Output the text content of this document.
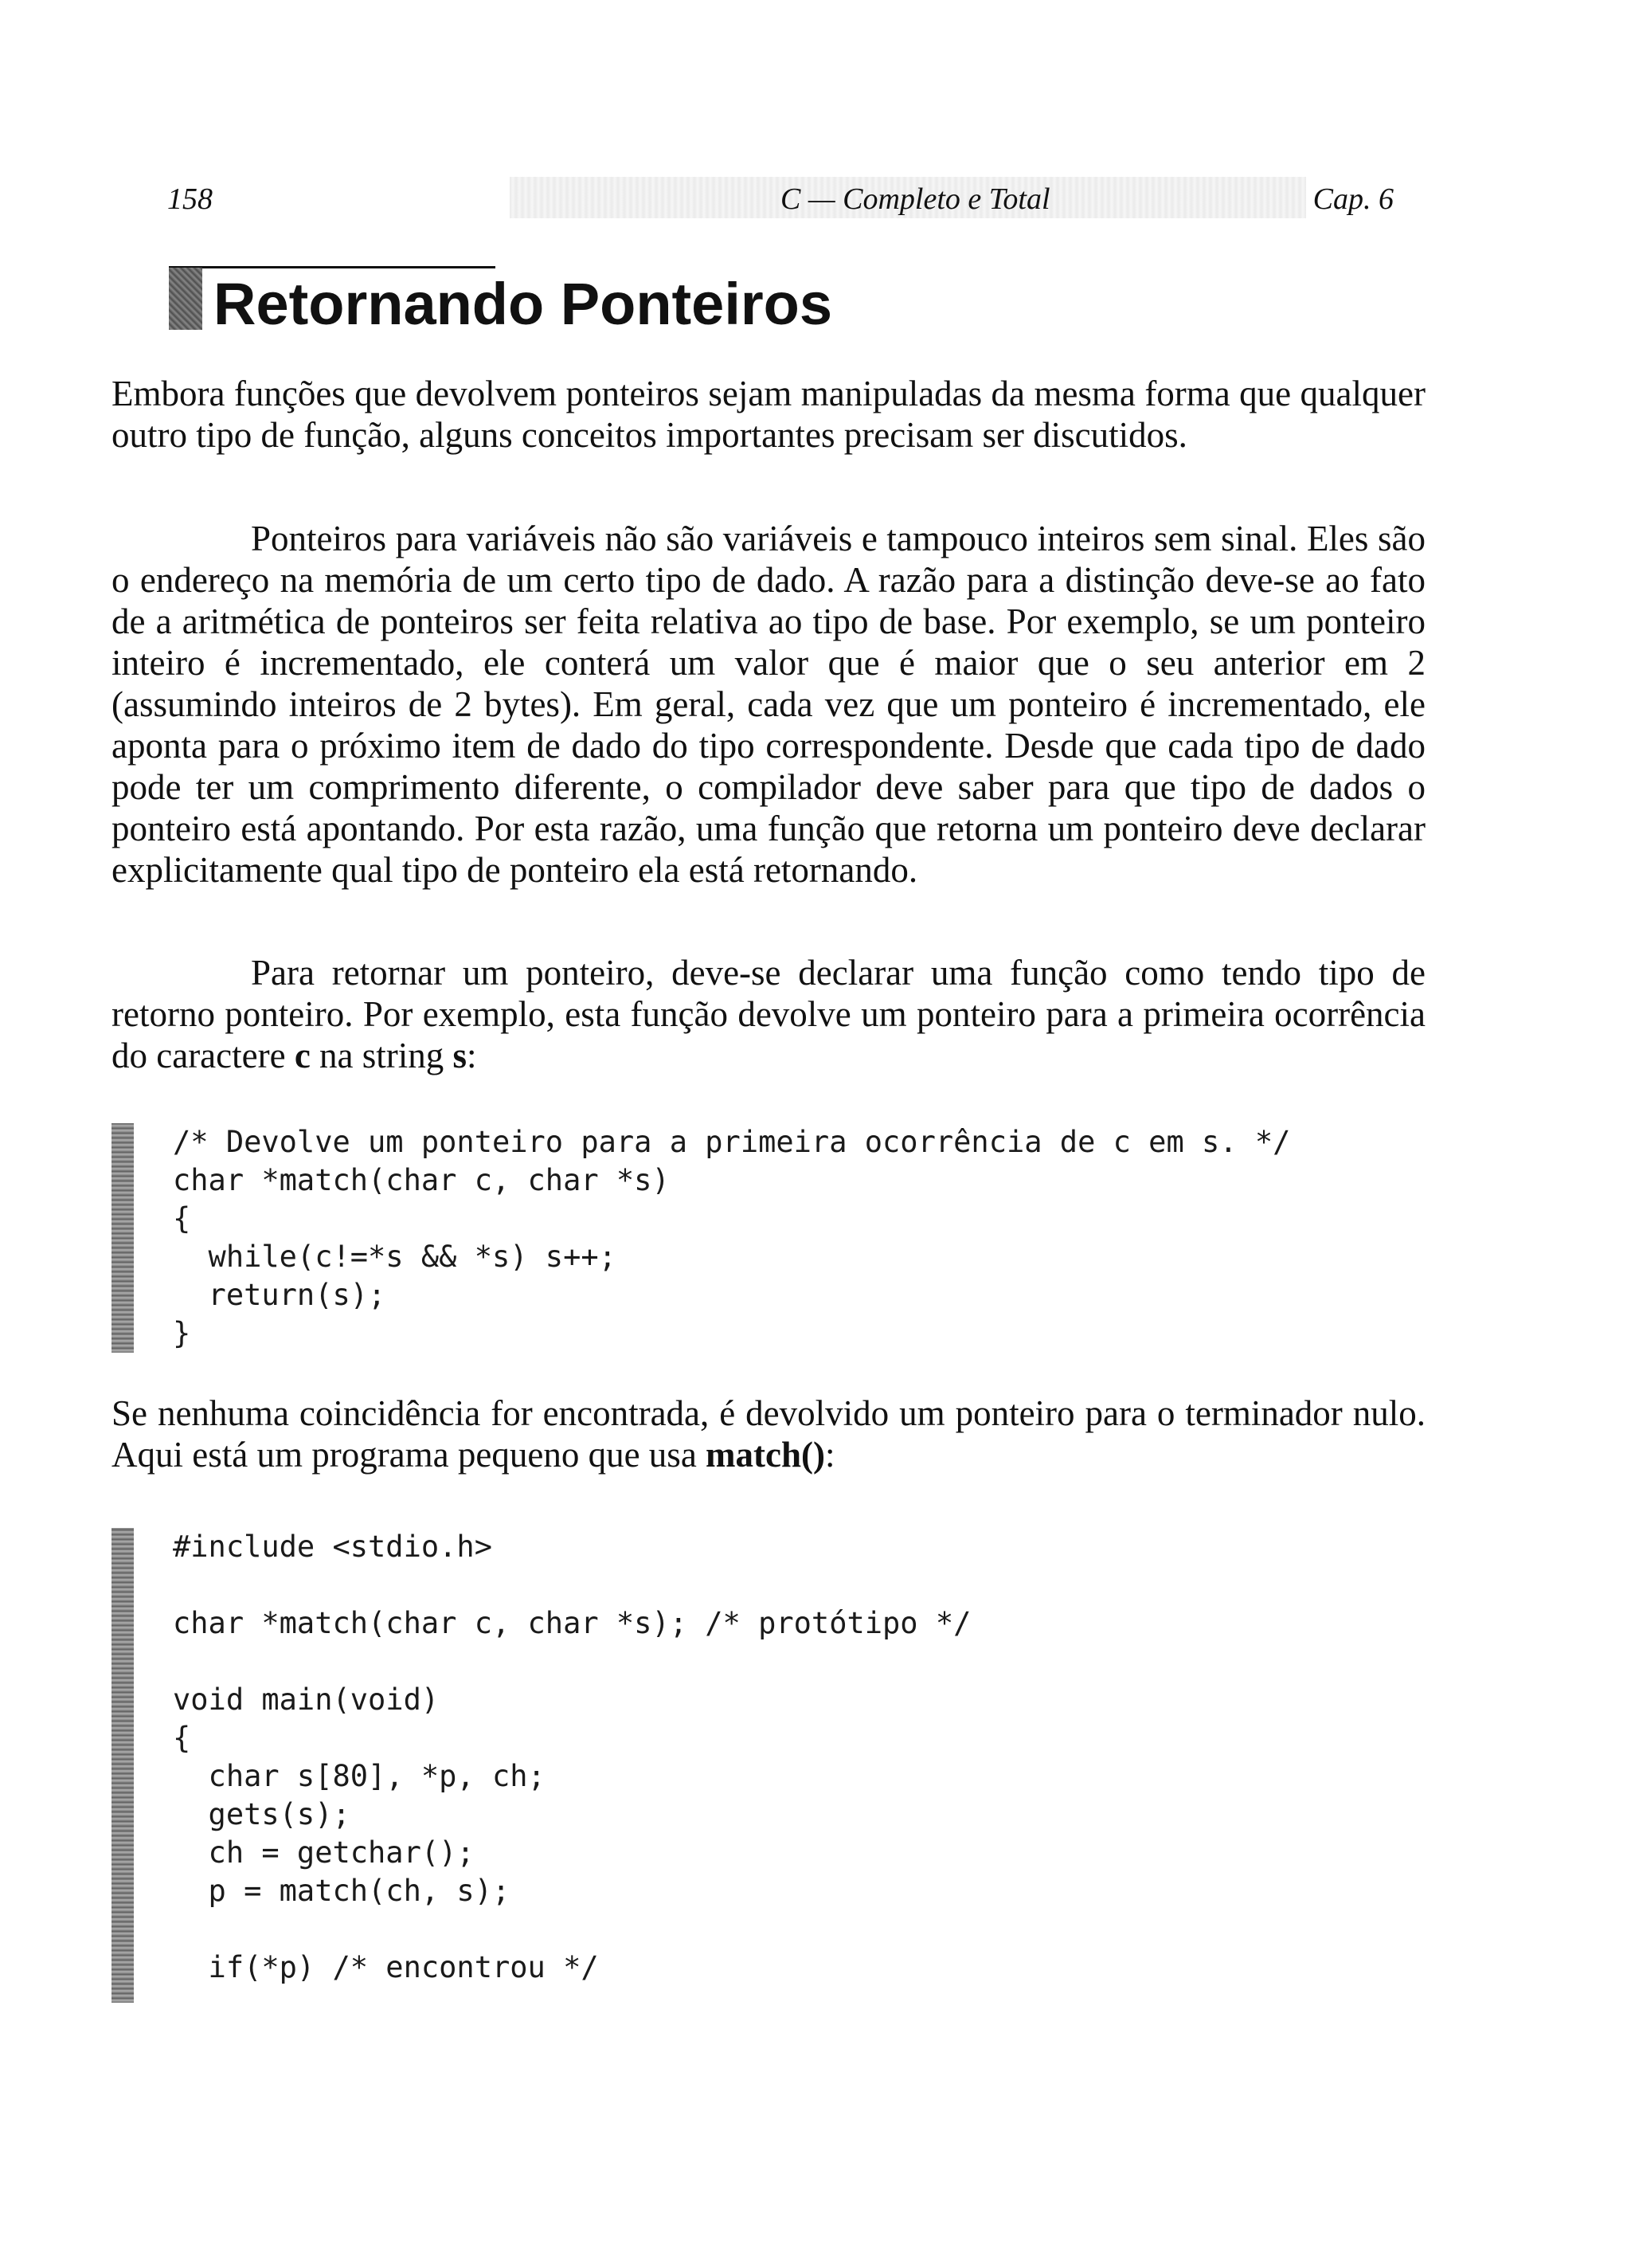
158	C — Completo e Total	Cap. 6
Retornando Ponteiros

Embora funções que devolvem ponteiros sejam manipuladas da mesma forma que qualquer outro tipo de função, alguns conceitos importantes precisam ser discutidos.

Ponteiros para variáveis não são variáveis e tampouco inteiros sem sinal. Eles são o endereço na memória de um certo tipo de dado. A razão para a distinção deve-se ao fato de a aritmética de ponteiros ser feita relativa ao tipo de base. Por exemplo, se um ponteiro inteiro é incrementado, ele conterá um valor que é maior que o seu anterior em 2 (assumindo inteiros de 2 bytes). Em geral, cada vez que um ponteiro é incrementado, ele aponta para o próximo item de dado do tipo correspondente. Desde que cada tipo de dado pode ter um comprimento diferente, o compilador deve saber para que tipo de dados o ponteiro está apontando. Por esta razão, uma função que retorna um ponteiro deve declarar explicitamente qual tipo de ponteiro ela está retornando.

Para retornar um ponteiro, deve-se declarar uma função como tendo tipo de retorno ponteiro. Por exemplo, esta função devolve um ponteiro para a primeira ocorrência do caractere c na string s:

/* Devolve um ponteiro para a primeira ocorrência de c em s. */
char *match(char c, char *s)
{
while(c!=*s && *s) s++;
return(s);
}

Se nenhuma coincidência for encontrada, é devolvido um ponteiro para o terminador nulo. Aqui está um programa pequeno que usa match():

#include <stdio.h>

char *match(char c, char *s); /* protótipo */

void main(void)
{
char s[80], *p, ch;
gets(s);
ch = getchar();
p = match(ch, s);

if(*p) /* encontrou */
